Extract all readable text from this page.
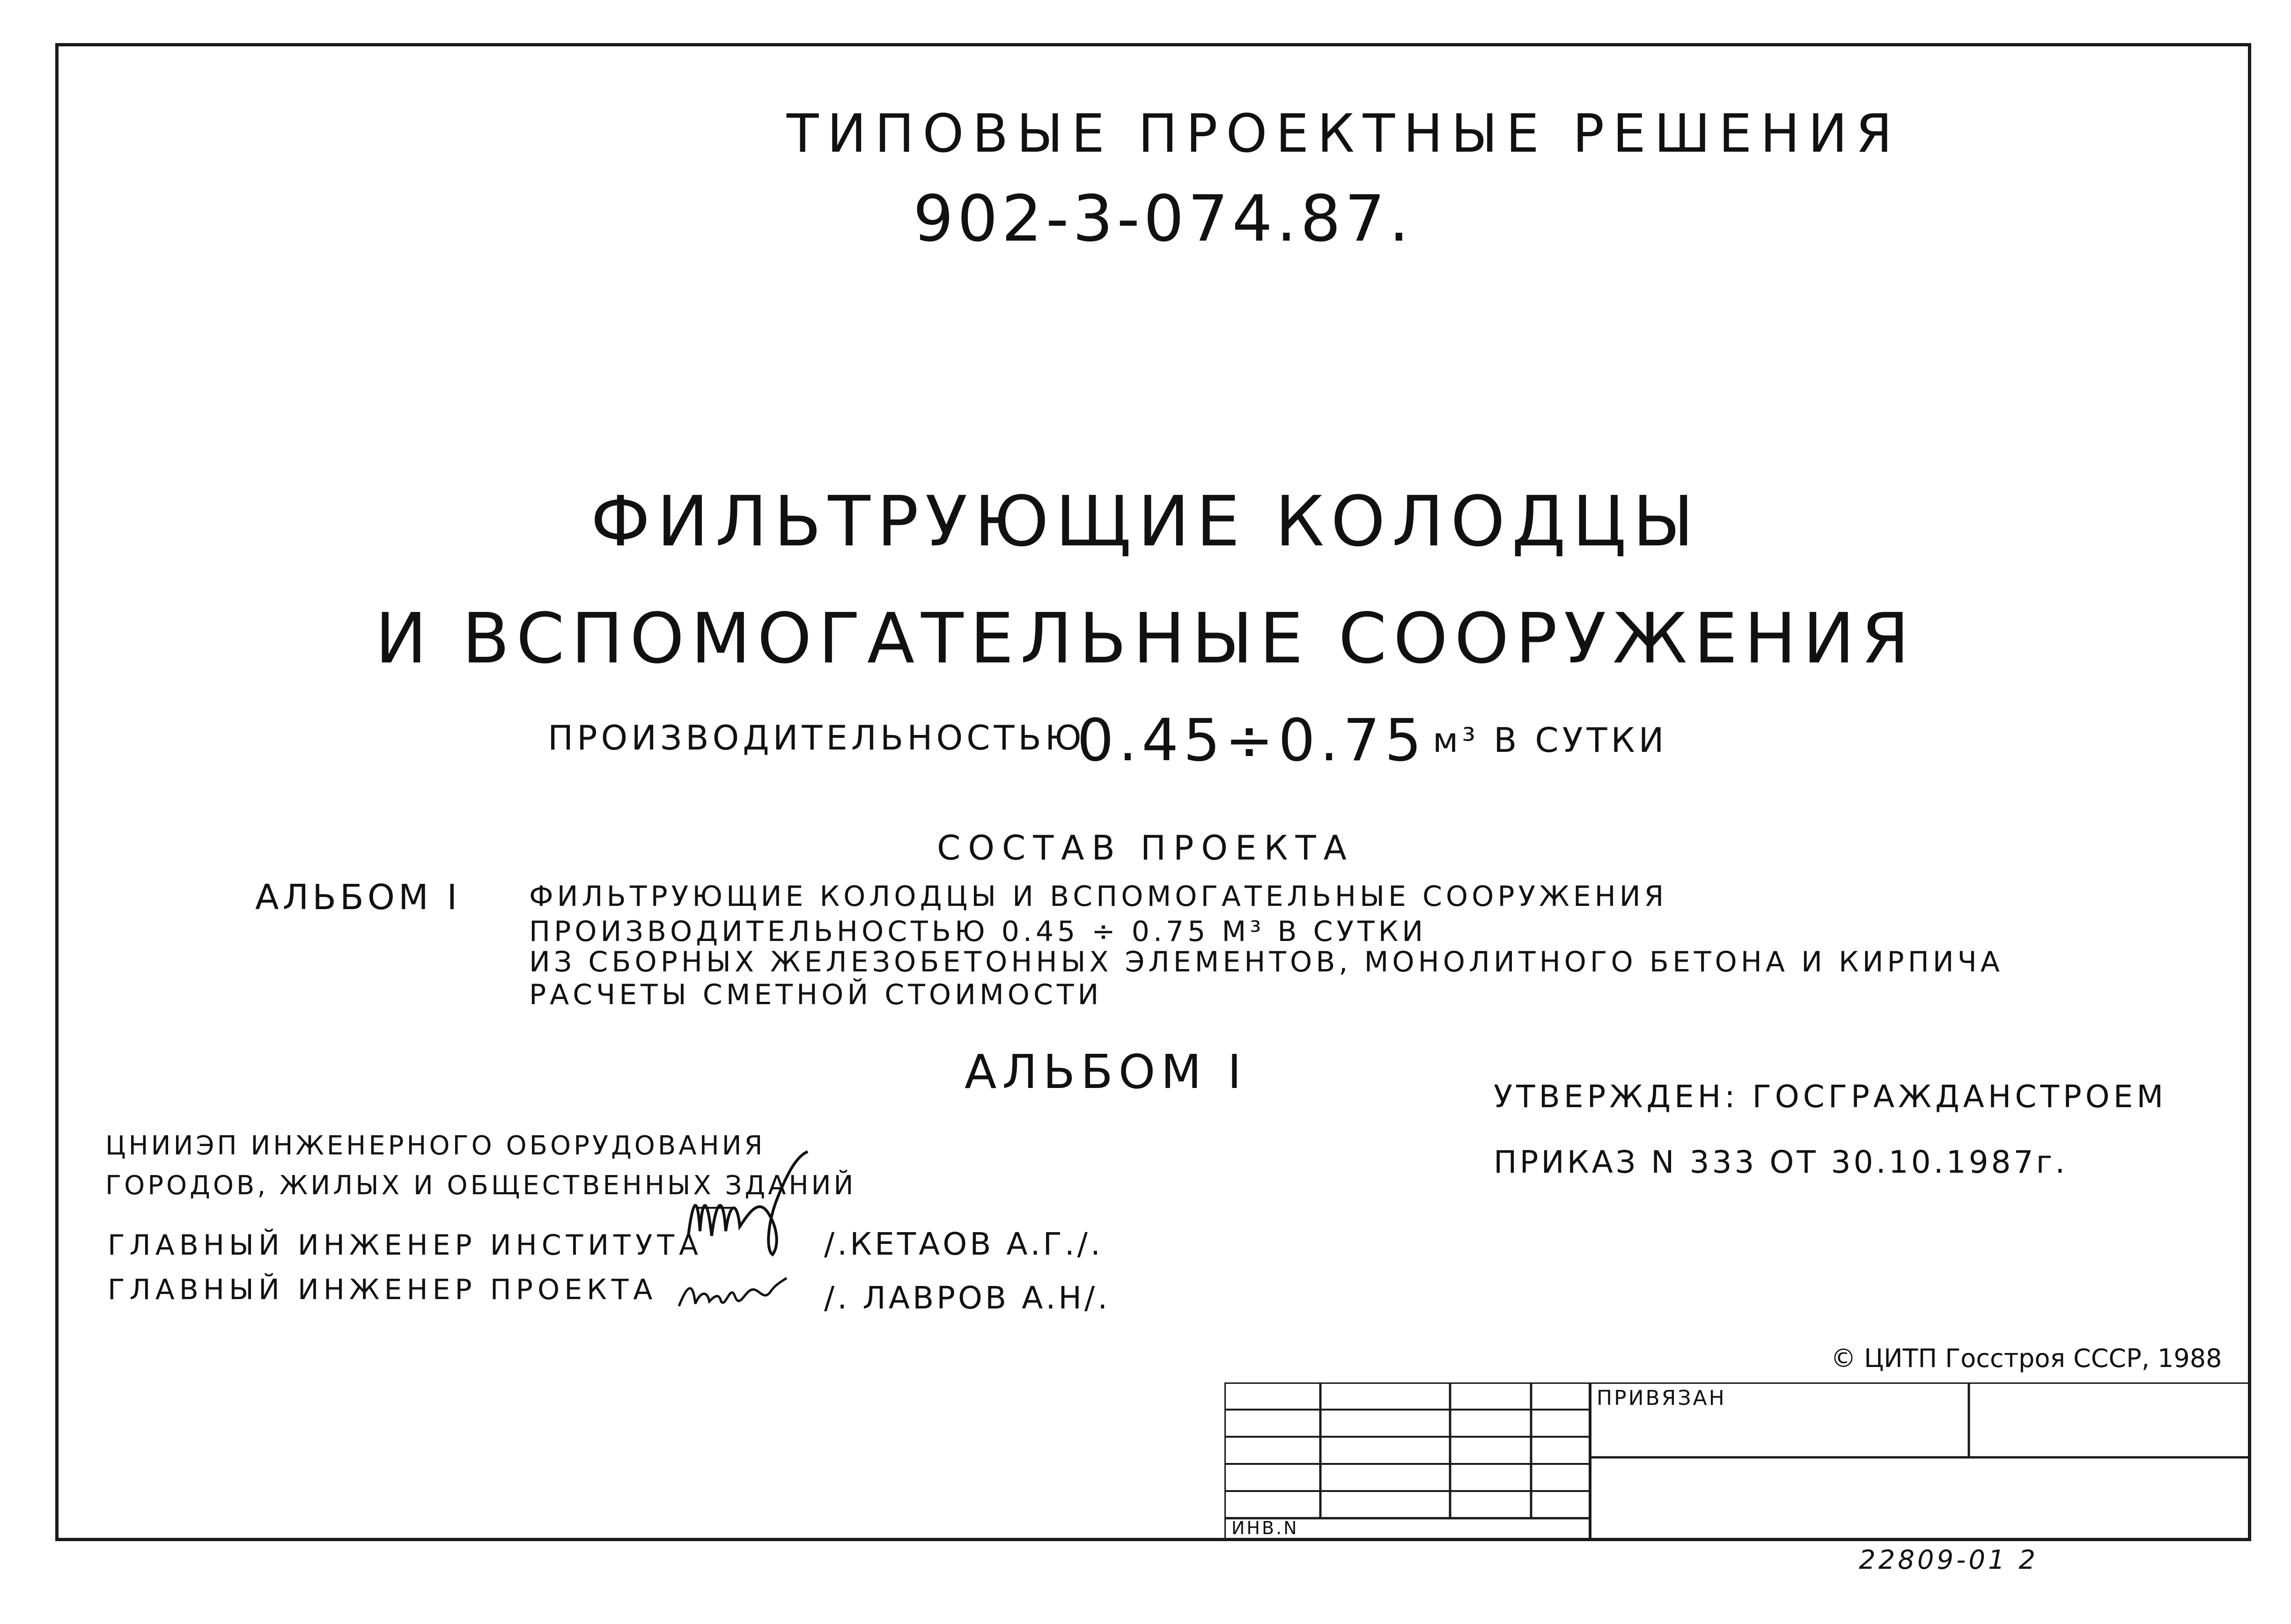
ТИПОВЫЕ ПРОЕКТНЫЕ РЕШЕНИЯ
902-3-074.87.
ФИЛЬТРУЮЩИЕ КОЛОДЦЫ
И ВСПОМОГАТЕЛЬНЫЕ СООРУЖЕНИЯ
ПРОИЗВОДИТЕЛЬНОСТЬЮ
0.45÷0.75 м³ В СУТКИ
СОСТАВ ПРОЕКТА
АЛЬБОМ I ФИЛЬТРУЮЩИЕ КОЛОДЦЫ И ВСПОМОГАТЕЛЬНЫЕ СООРУЖЕНИЯ
ПРОИЗВОДИТЕЛЬНОСТЬЮ 0.45 ÷ 0.75 М³ В СУТКИ
ИЗ СБОРНЫХ ЖЕЛЕЗОБЕТОННЫХ ЭЛЕМЕНТОВ, МОНОЛИТНОГО БЕТОНА И КИРПИЧА
РАСЧЕТЫ СМЕТНОЙ СТОИМОСТИ
АЛЬБОМ I	УТВЕРЖДЕН: ГОСГРАЖДАНСТРОЕМ
ПРИКАЗ N 333 ОТ 30.10.1987г.
ЦНИИЭП ИНЖЕНЕРНОГО ОБОРУДОВАНИЯ
ГОРОДОВ, ЖИЛЫХ И ОБЩЕСТВЕННЫХ ЗДАНИЙ
ГЛАВНЫЙ ИНЖЕНЕР ИНСТИТУТА
ГЛАВНЫЙ ИНЖЕНЕР ПРОЕКТА
/.КЕТАОВ А.Г./.
/. ЛАВРОВ А.Н/.
© ЦИТП Госстроя СССР, 1988
ИНВ.N
ПРИВЯЗАН
22809-01 2
